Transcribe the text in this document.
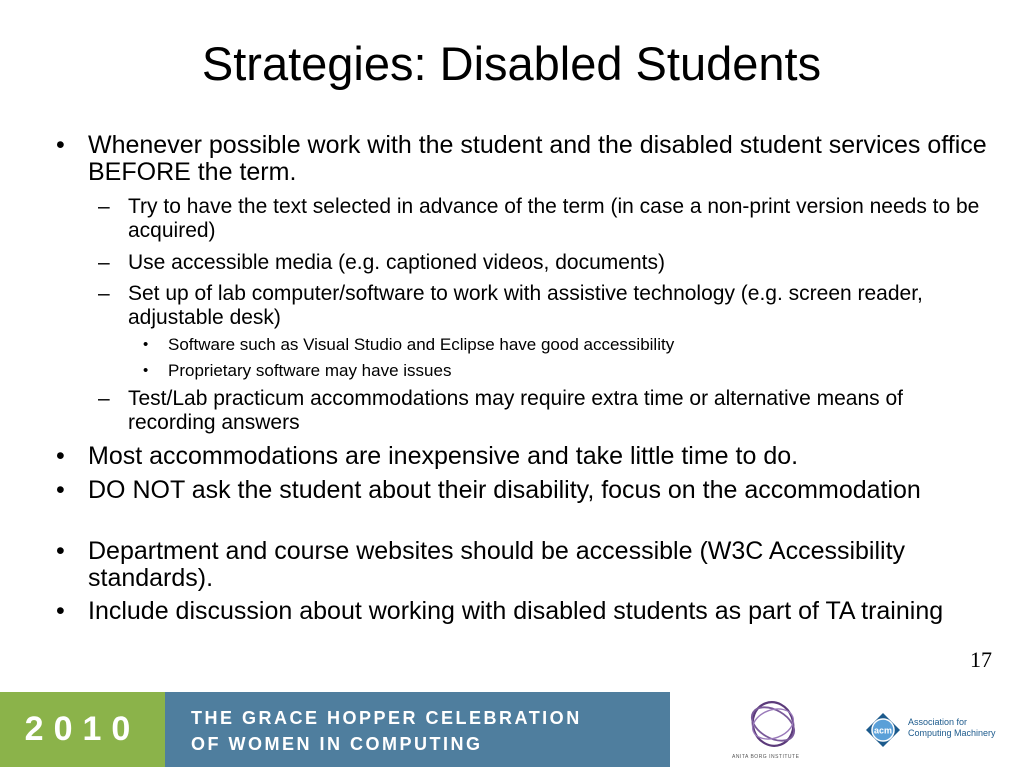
Strategies: Disabled Students
• Whenever possible work with the student and the disabled student services office BEFORE the term.
– Try to have the text selected in advance of the term (in case a non-print version needs to be acquired)
– Use accessible media (e.g. captioned videos, documents)
– Set up of lab computer/software to work with assistive technology (e.g. screen reader, adjustable desk)
• Software such as Visual Studio and Eclipse have good accessibility
• Proprietary software may have issues
– Test/Lab practicum accommodations may require extra time or alternative means of recording answers
• Most accommodations are inexpensive and take little time to do.
• DO NOT ask the student about their disability, focus on the accommodation
• Department and course websites should be accessible (W3C Accessibility standards).
• Include discussion about working with disabled students as part of TA training
17
2010	THE GRACE HOPPER CELEBRATION
OF WOMEN IN COMPUTING
ANITA BORG INSTITUTE
acm
Association for Computing Machinery
